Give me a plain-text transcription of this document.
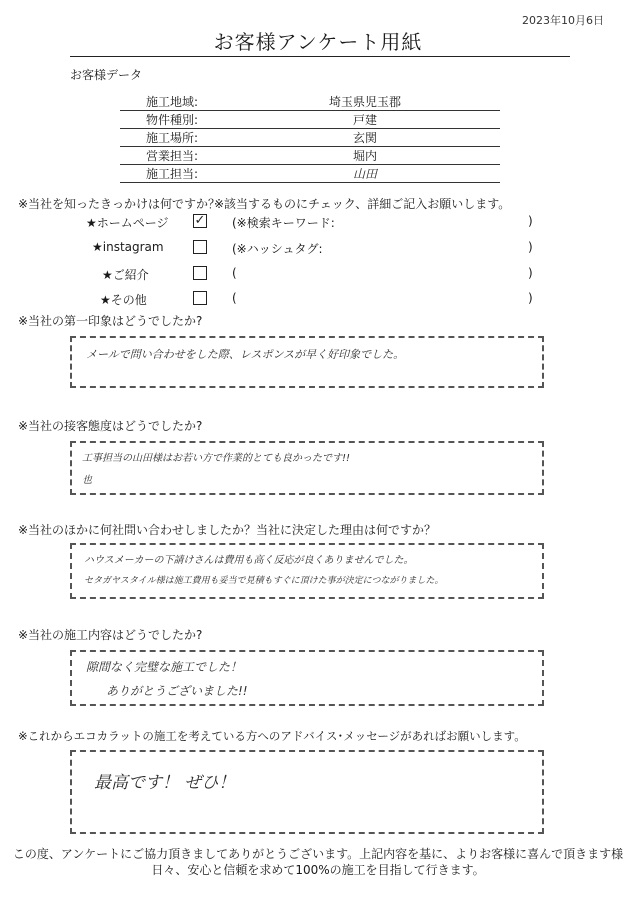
2023年10月6日
お客様アンケート用紙
お客様データ
施工地域:	埼玉県児玉郡
物件種別:	戸建
施工場所:	玄関
営業担当:	堀内
施工担当:	山田
※当社を知ったきっかけは何ですか？
※該当するものにチェック、詳細ご記入お願いします。
★ホームページ ✓ (※検索キーワード:	)
★instagram	(※ハッシュタグ:	)
★ご紹介	(	)
★その他	(	)
※当社の第一印象はどうでしたか?
メールで問い合わせをした際、レスポンスが早く好印象でした。
※当社の接客態度はどうでしたか?
工事担当の山田様はお若い方で作業的とても良かったです!!
也
※当社のほかに何社問い合わせしましたか？当社に決定した理由は何ですか？
ハウスメーカーの下請けさんは費用も高く反応が良くありませんでした。
セタガヤスタイル様は施工費用も妥当で見積もすぐに頂けた事が決定につながりました。
※当社の施工内容はどうでしたか?
隙間なく完璧な施工でした！
ありがとうございました!!
※これからエコカラットの施工を考えている方へのアドバイス･メッセージがあればお願いします。
最高です！ ぜひ！
この度、アンケートにご協力頂きましてありがとうございます。上記内容を基に、よりお客様に喜んで頂きます様
日々、安心と信頼を求めて100%の施工を目指して行きます。
